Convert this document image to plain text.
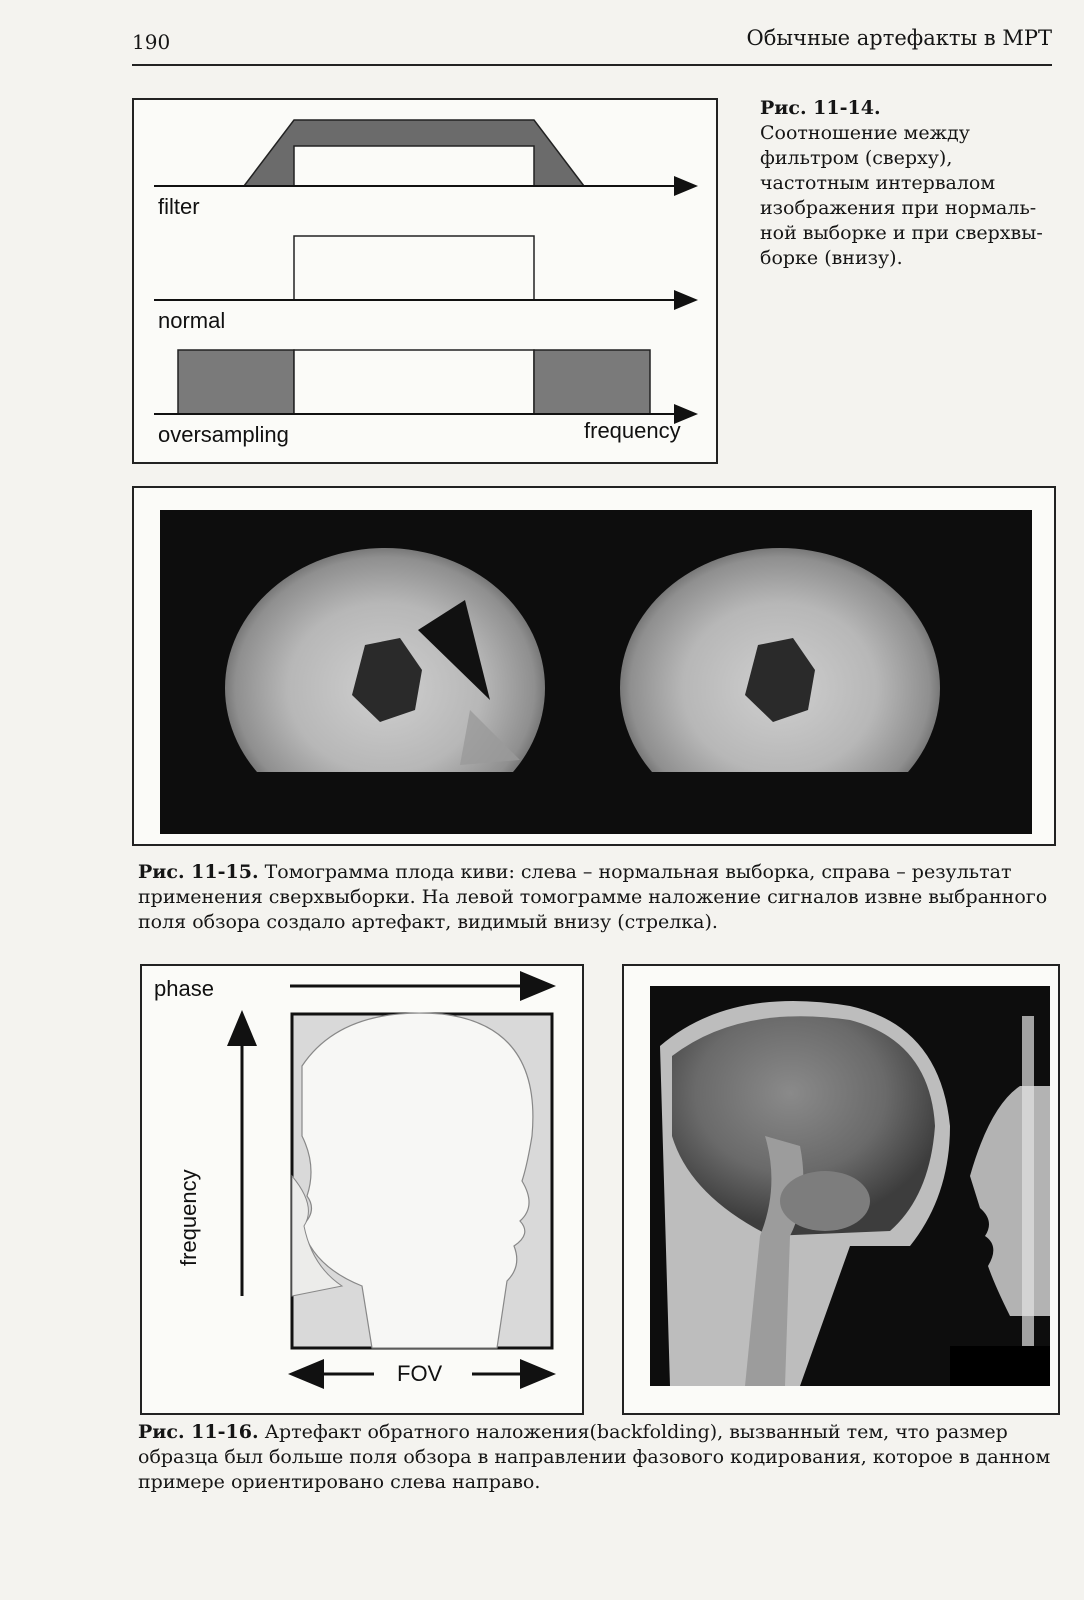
190	Обычные артефакты в МРТ
filter
normal
oversampling	frequency
Рис. 11-14.
Соотношение между
фильтром (сверху),
частотным интервалом
изображения при нормаль-
ной выборке и при сверхвы-
борке (внизу).
Рис. 11-15. Томограмма плода киви: слева – нормальная выборка, справа – результат применения сверхвыборки. На левой томограмме наложение сигналов извне выбранного поля обзора создало артефакт, видимый внизу (стрелка).
phase
frequency
FOV
Рис. 11-16. Артефакт обратного наложения(backfolding), вызванный тем, что размер образца был больше поля обзора в направлении фазового кодирования, которое в данном примере ориентировано слева направо.
